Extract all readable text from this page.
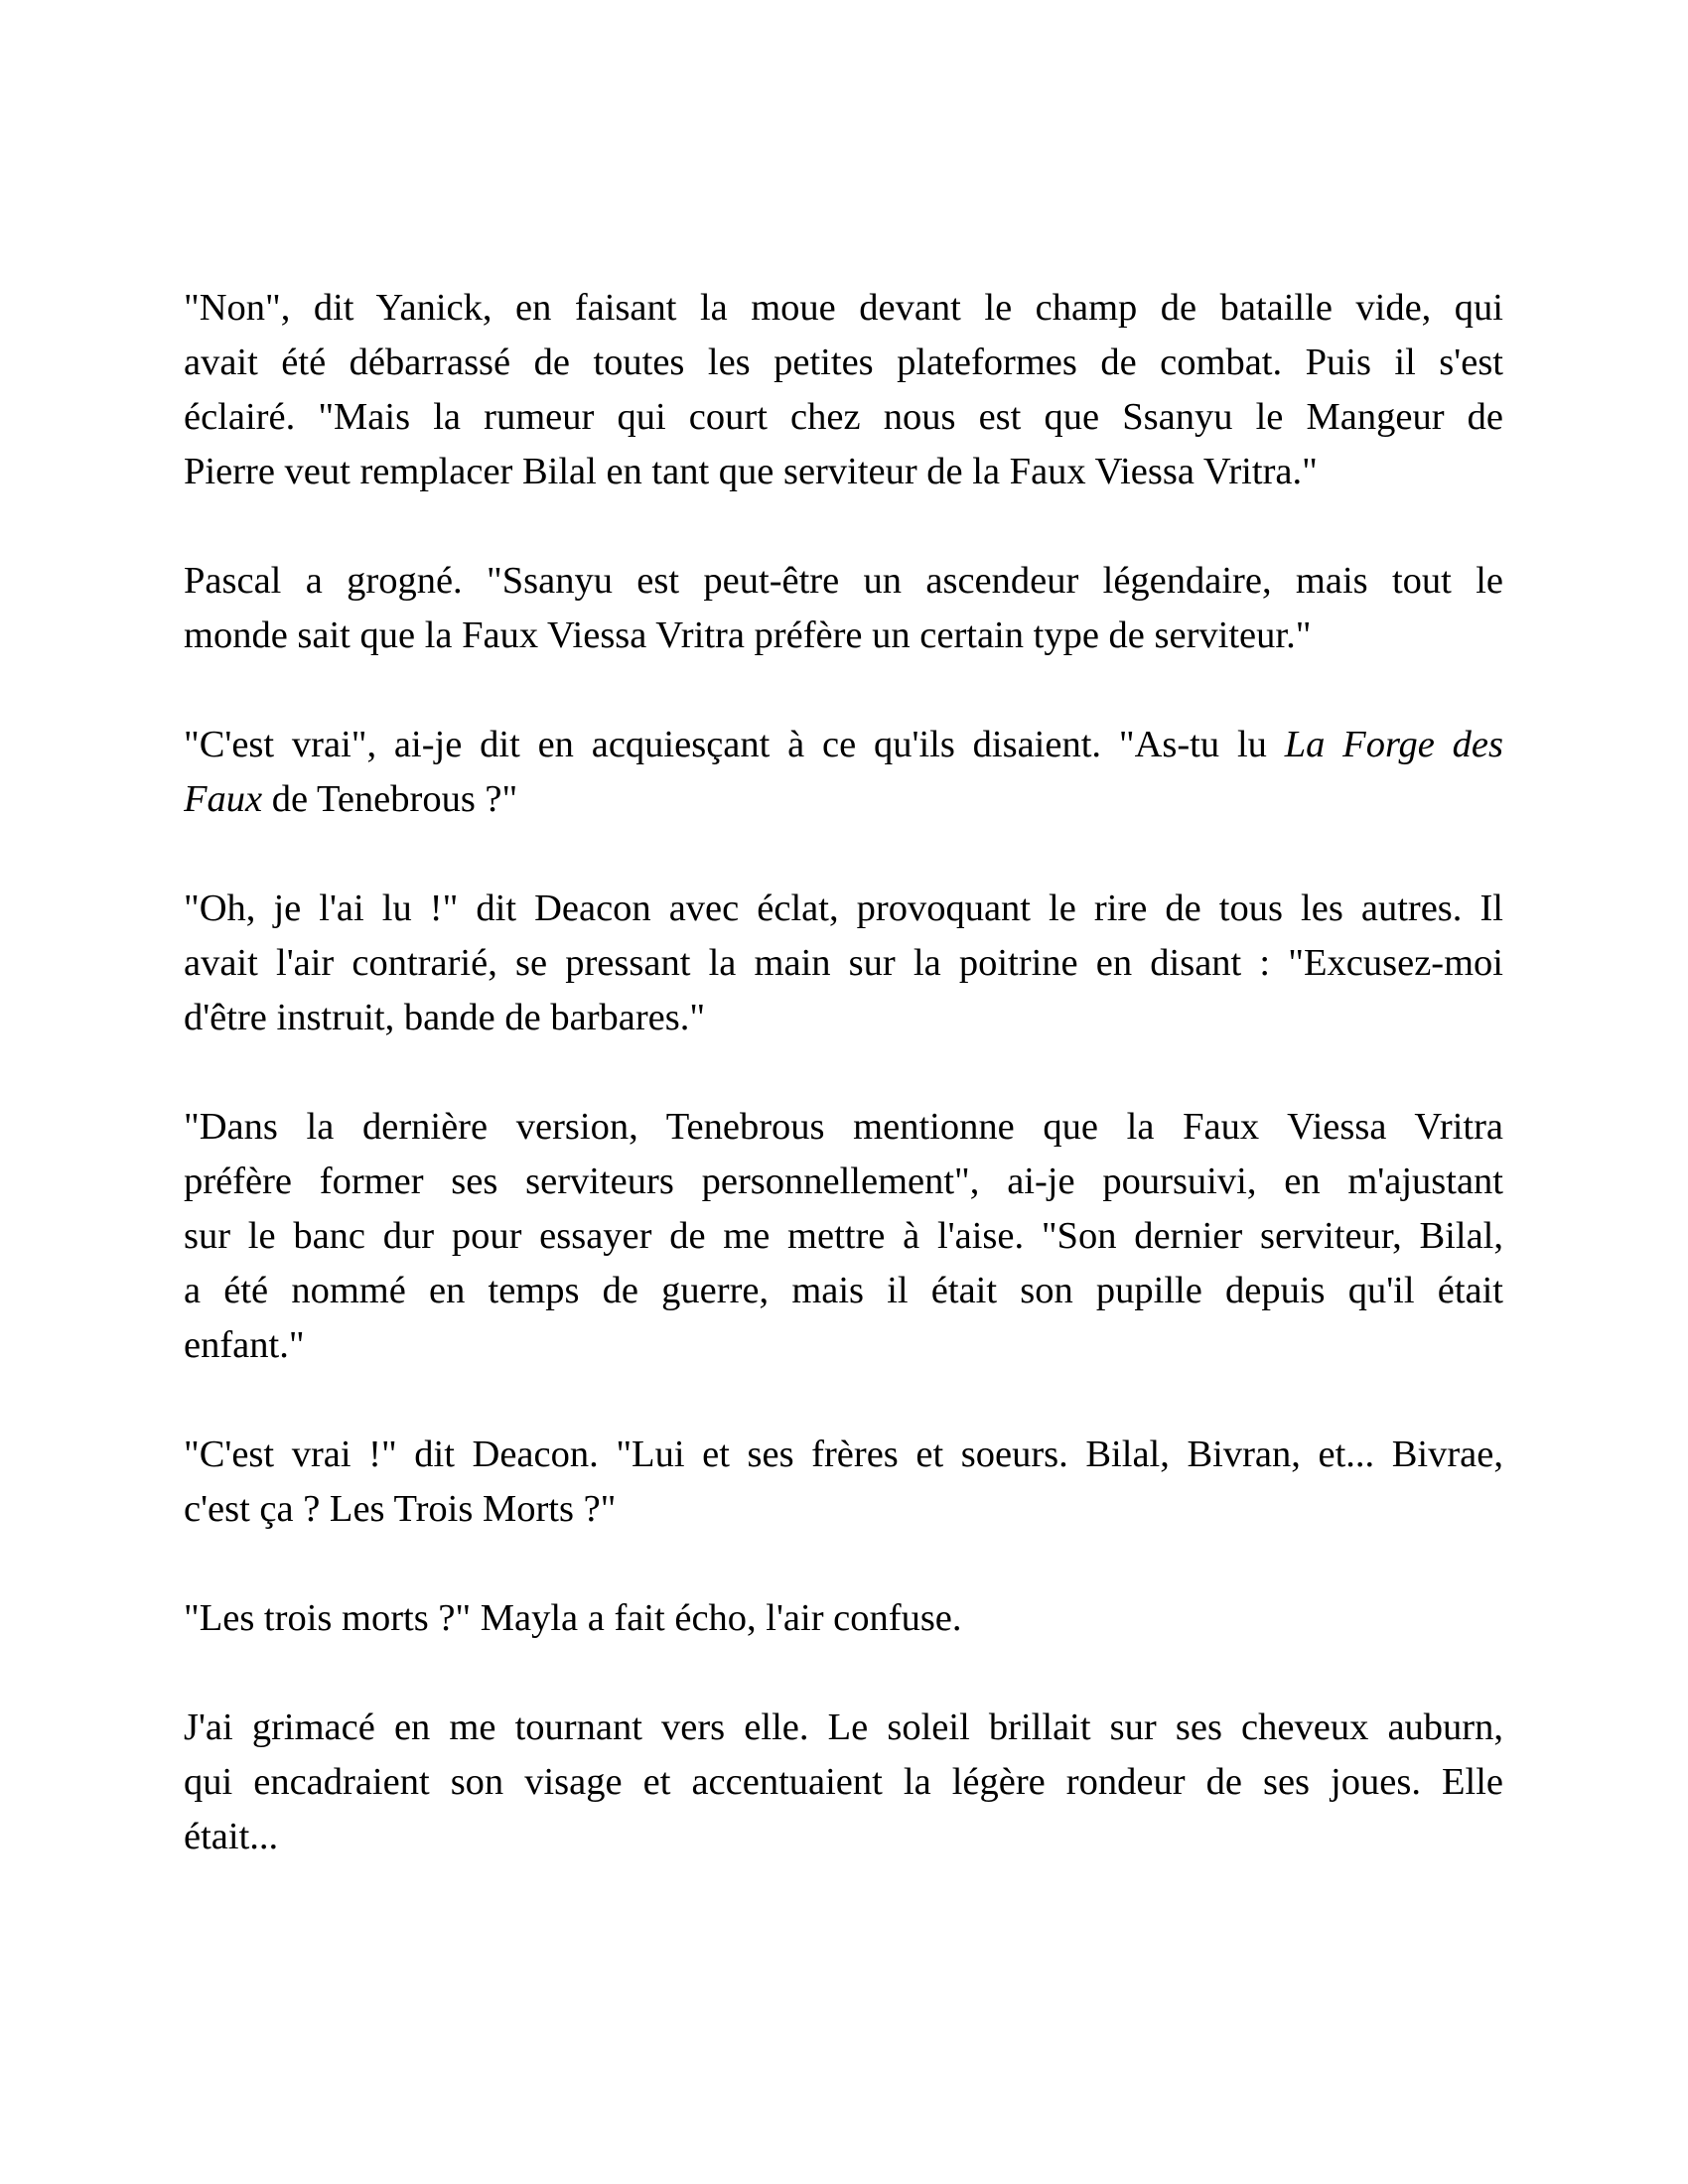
"Non", dit Yanick, en faisant la moue devant le champ de bataille vide, qui
avait été débarrassé de toutes les petites plateformes de combat. Puis il s'est
éclairé. "Mais la rumeur qui court chez nous est que Ssanyu le Mangeur de
Pierre veut remplacer Bilal en tant que serviteur de la Faux Viessa Vritra."
Pascal a grogné. "Ssanyu est peut-être un ascendeur légendaire, mais tout le
monde sait que la Faux Viessa Vritra préfère un certain type de serviteur."
"C'est vrai", ai-je dit en acquiesçant à ce qu'ils disaient. "As-tu lu La Forge des
Faux de Tenebrous ?"
"Oh, je l'ai lu !" dit Deacon avec éclat, provoquant le rire de tous les autres. Il
avait l'air contrarié, se pressant la main sur la poitrine en disant : "Excusez-moi
d'être instruit, bande de barbares."
"Dans la dernière version, Tenebrous mentionne que la Faux Viessa Vritra
préfère former ses serviteurs personnellement", ai-je poursuivi, en m'ajustant
sur le banc dur pour essayer de me mettre à l'aise. "Son dernier serviteur, Bilal,
a été nommé en temps de guerre, mais il était son pupille depuis qu'il était
enfant."
"C'est vrai !" dit Deacon. "Lui et ses frères et soeurs. Bilal, Bivran, et... Bivrae,
c'est ça ? Les Trois Morts ?"
"Les trois morts ?" Mayla a fait écho, l'air confuse.
J'ai grimacé en me tournant vers elle. Le soleil brillait sur ses cheveux auburn,
qui encadraient son visage et accentuaient la légère rondeur de ses joues. Elle
était...
